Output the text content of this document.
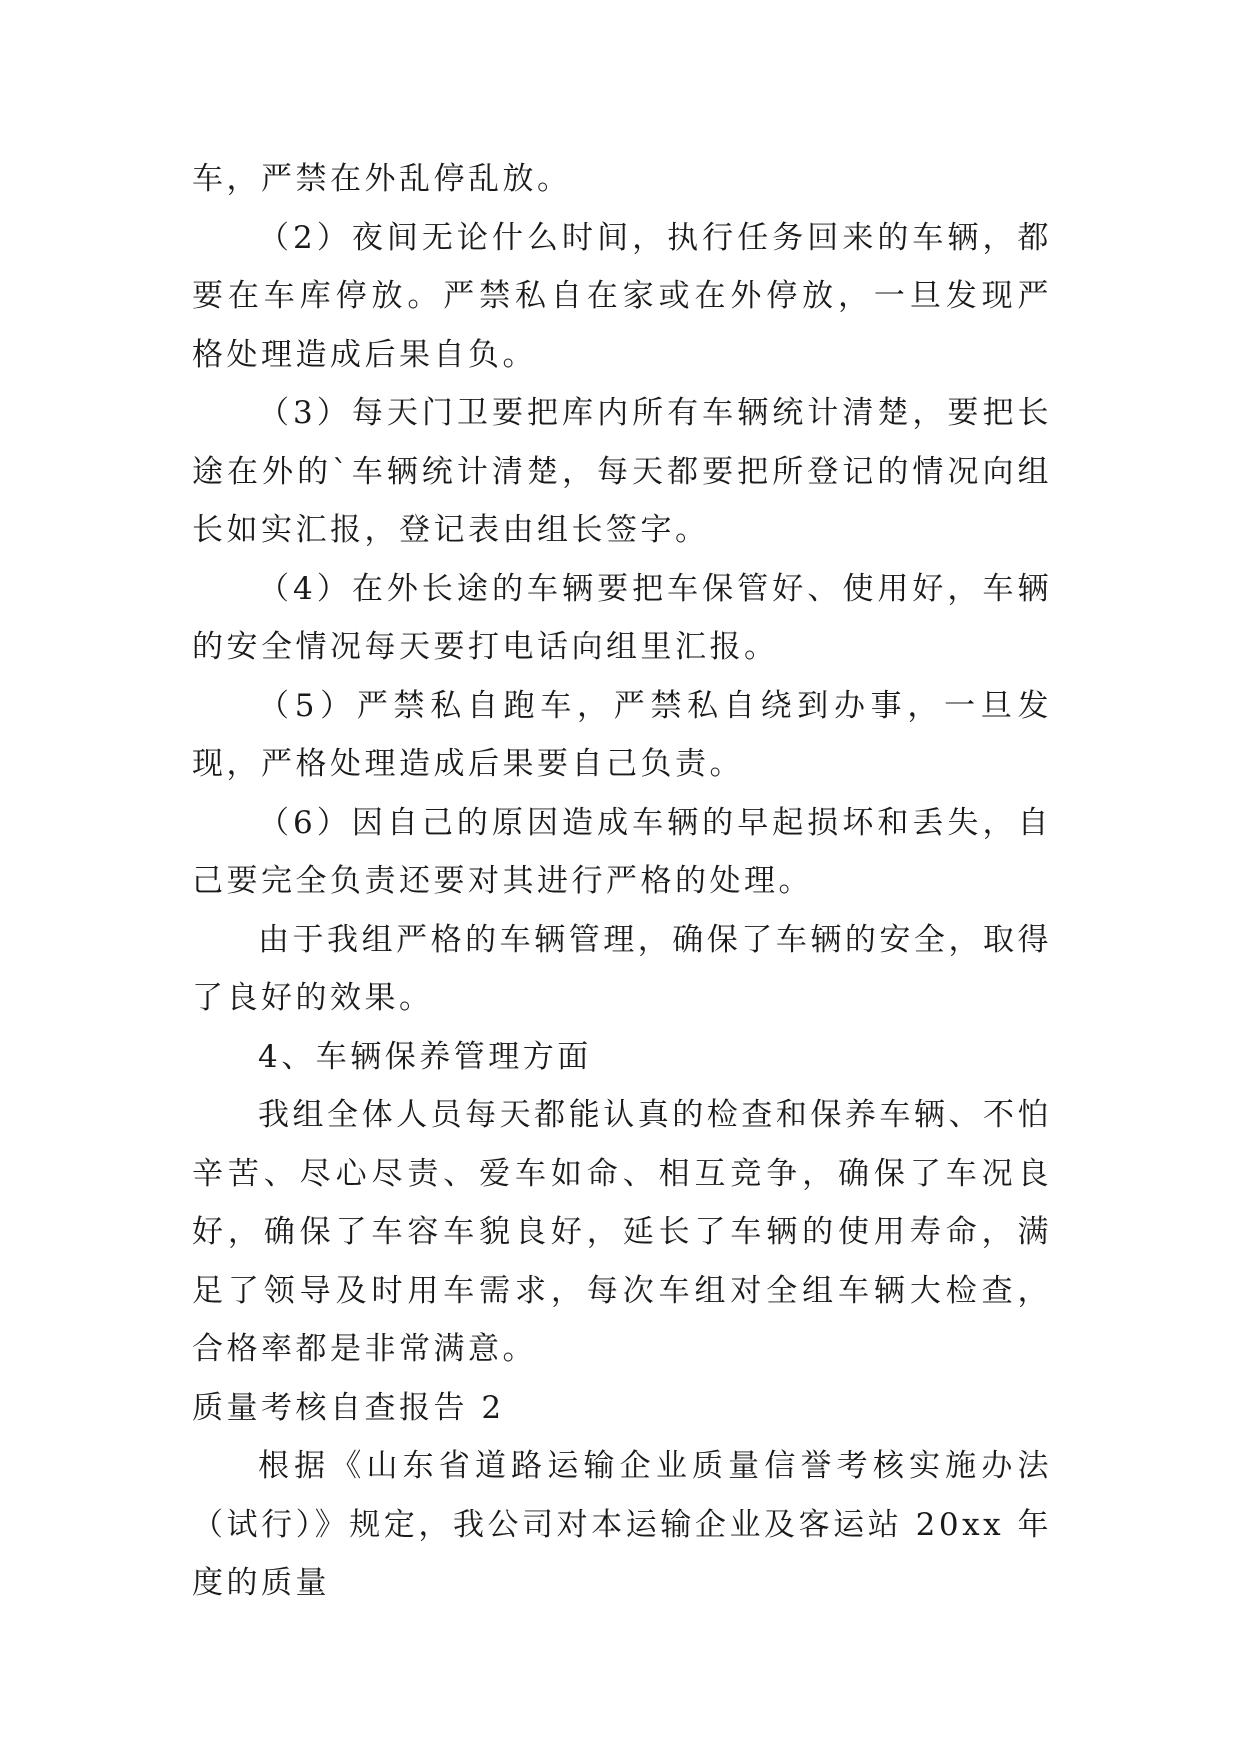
车，严禁在外乱停乱放。

（2）夜间无论什么时间，执行任务回来的车辆，都要在车库停放。严禁私自在家或在外停放，一旦发现严格处理造成后果自负。

（3）每天门卫要把库内所有车辆统计清楚，要把长途在外的`车辆统计清楚，每天都要把所登记的情况向组长如实汇报，登记表由组长签字。

（4）在外长途的车辆要把车保管好、使用好，车辆的安全情况每天要打电话向组里汇报。

（5）严禁私自跑车，严禁私自绕到办事，一旦发现，严格处理造成后果要自己负责。

（6）因自己的原因造成车辆的早起损坏和丢失，自己要完全负责还要对其进行严格的处理。

由于我组严格的车辆管理，确保了车辆的安全，取得了良好的效果。

4、车辆保养管理方面

我组全体人员每天都能认真的检查和保养车辆、不怕辛苦、尽心尽责、爱车如命、相互竞争，确保了车况良好，确保了车容车貌良好，延长了车辆的使用寿命，满足了领导及时用车需求，每次车组对全组车辆大检查，合格率都是非常满意。

质量考核自查报告 2

根据《山东省道路运输企业质量信誉考核实施办法（试行）》规定，我公司对本运输企业及客运站 20xx 年度的质量
